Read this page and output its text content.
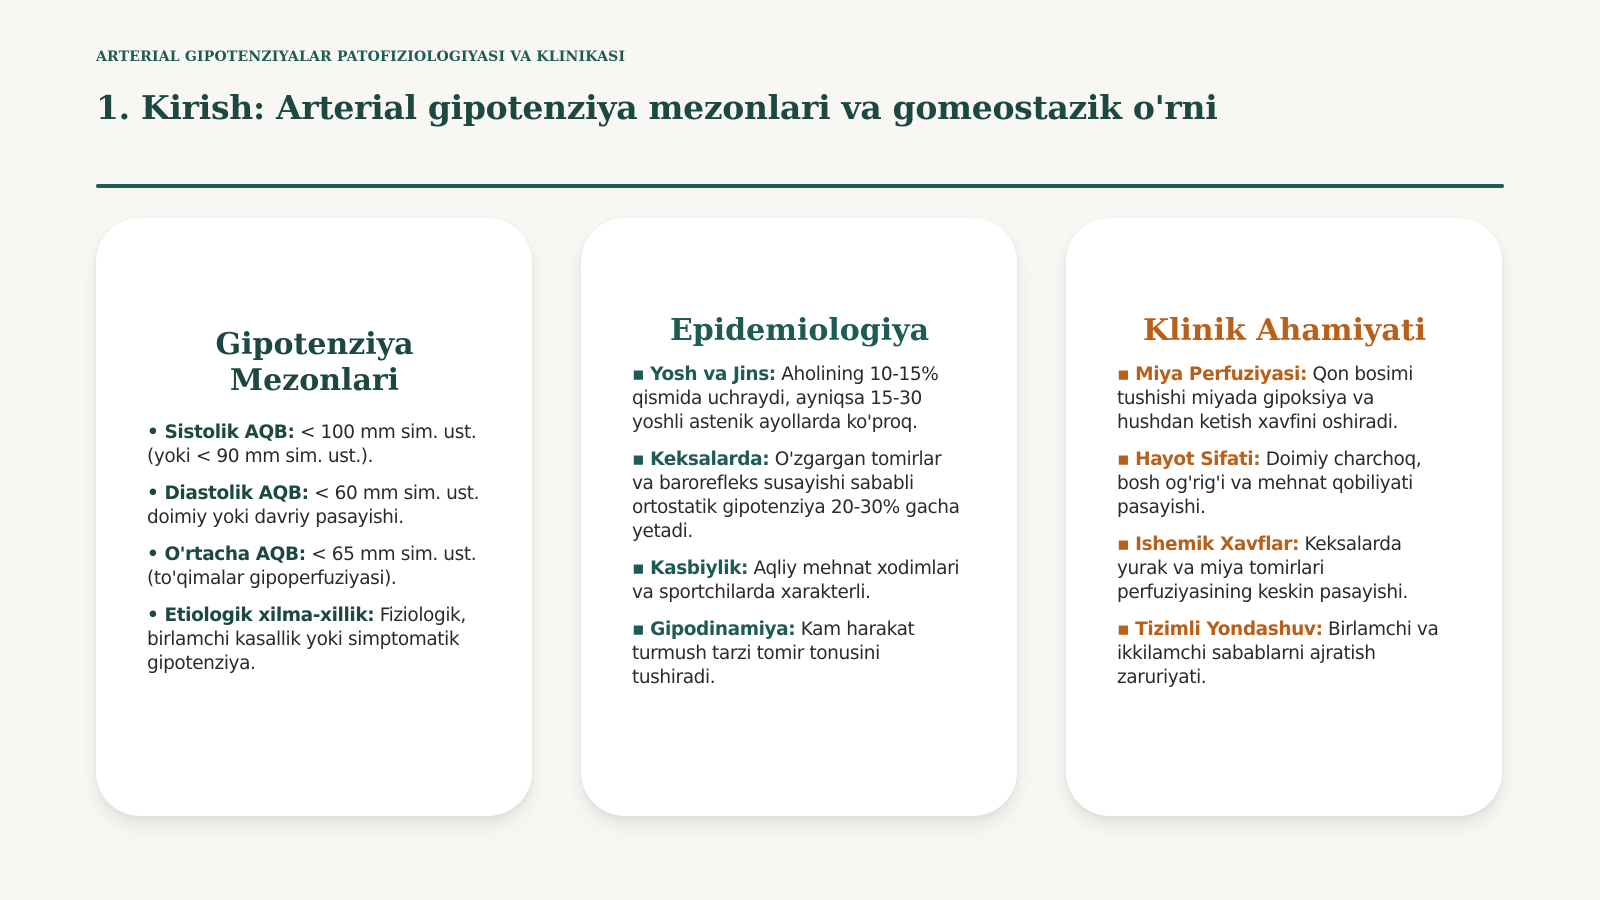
ARTERIAL GIPOTENZIYALAR PATOFIZIOLOGIYASI VA KLINIKASI
1. Kirish: Arterial gipotenziya mezonlari va gomeostazik o'rni
Gipotenziya Mezonlari
• Sistolik AQB: < 100 mm sim. ust. (yoki < 90 mm sim. ust.).
• Diastolik AQB: < 60 mm sim. ust. doimiy yoki davriy pasayishi.
• O'rtacha AQB: < 65 mm sim. ust. (to'qimalar gipoperfuziyasi).
• Etiologik xilma-xillik: Fiziologik, birlamchi kasallik yoki simptomatik gipotenziya.
Epidemiologiya
▪ Yosh va Jins: Aholining 10-15% qismida uchraydi, ayniqsa 15-30 yoshli astenik ayollarda ko'proq.
▪ Keksalarda: O'zgargan tomirlar va barorefleks susayishi sababli ortostatik gipotenziya 20-30% gacha yetadi.
▪ Kasbiylik: Aqliy mehnat xodimlari va sportchilarda xarakterli.
▪ Gipodinamiya: Kam harakat turmush tarzi tomir tonusini tushiradi.
Klinik Ahamiyati
▪ Miya Perfuziyasi: Qon bosimi tushishi miyada gipoksiya va hushdan ketish xavfini oshiradi.
▪ Hayot Sifati: Doimiy charchoq, bosh og'rig'i va mehnat qobiliyati pasayishi.
▪ Ishemik Xavflar: Keksalarda yurak va miya tomirlari perfuziyasining keskin pasayishi.
▪ Tizimli Yondashuv: Birlamchi va ikkilamchi sabablarni ajratish zaruriyati.
